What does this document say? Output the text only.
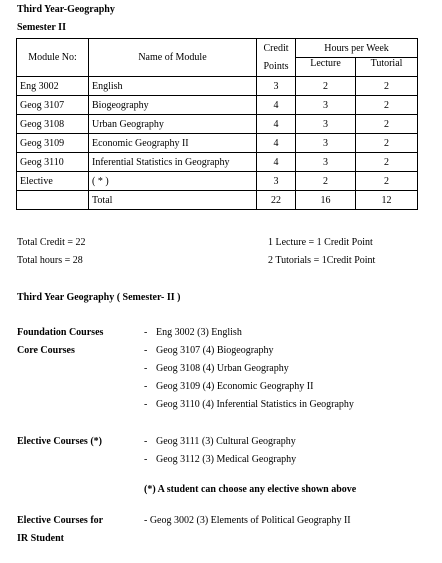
Third Year-Geography
Semester II
Module No:	Name of Module	Credit
Points	Hours per Week	
			Lecture	Tutorial

Eng 3002	English	3	2	2
Geog 3107	Biogeography	4	3	2
Geog 3108	Urban Geography	4	3	2
Geog 3109	Economic Geography II	4	3	2
Geog 3110	Inferential Statistics in Geography	4	3	2
Elective	( * )	3	2	2
	Total	22	16	12
Total Credit = 22
Total hours = 28
1 Lecture = 1 Credit Point
2 Tutorials = 1Credit Point
Third Year Geography ( Semester- II )
Foundation Courses	- Eng 3002 (3) English
Core Courses	- Geog 3107 (4) Biogeography
- Geog 3108 (4) Urban Geography
- Geog 3109 (4) Economic Geography II
- Geog 3110 (4) Inferential Statistics in Geography
Elective Courses (*)	- Geog 3111 (3) Cultural Geography
- Geog 3112 (3) Medical Geography
(*) A student can choose any elective shown above
Elective Courses for
IR Student
- Geog 3002 (3) Elements of Political Geography II
